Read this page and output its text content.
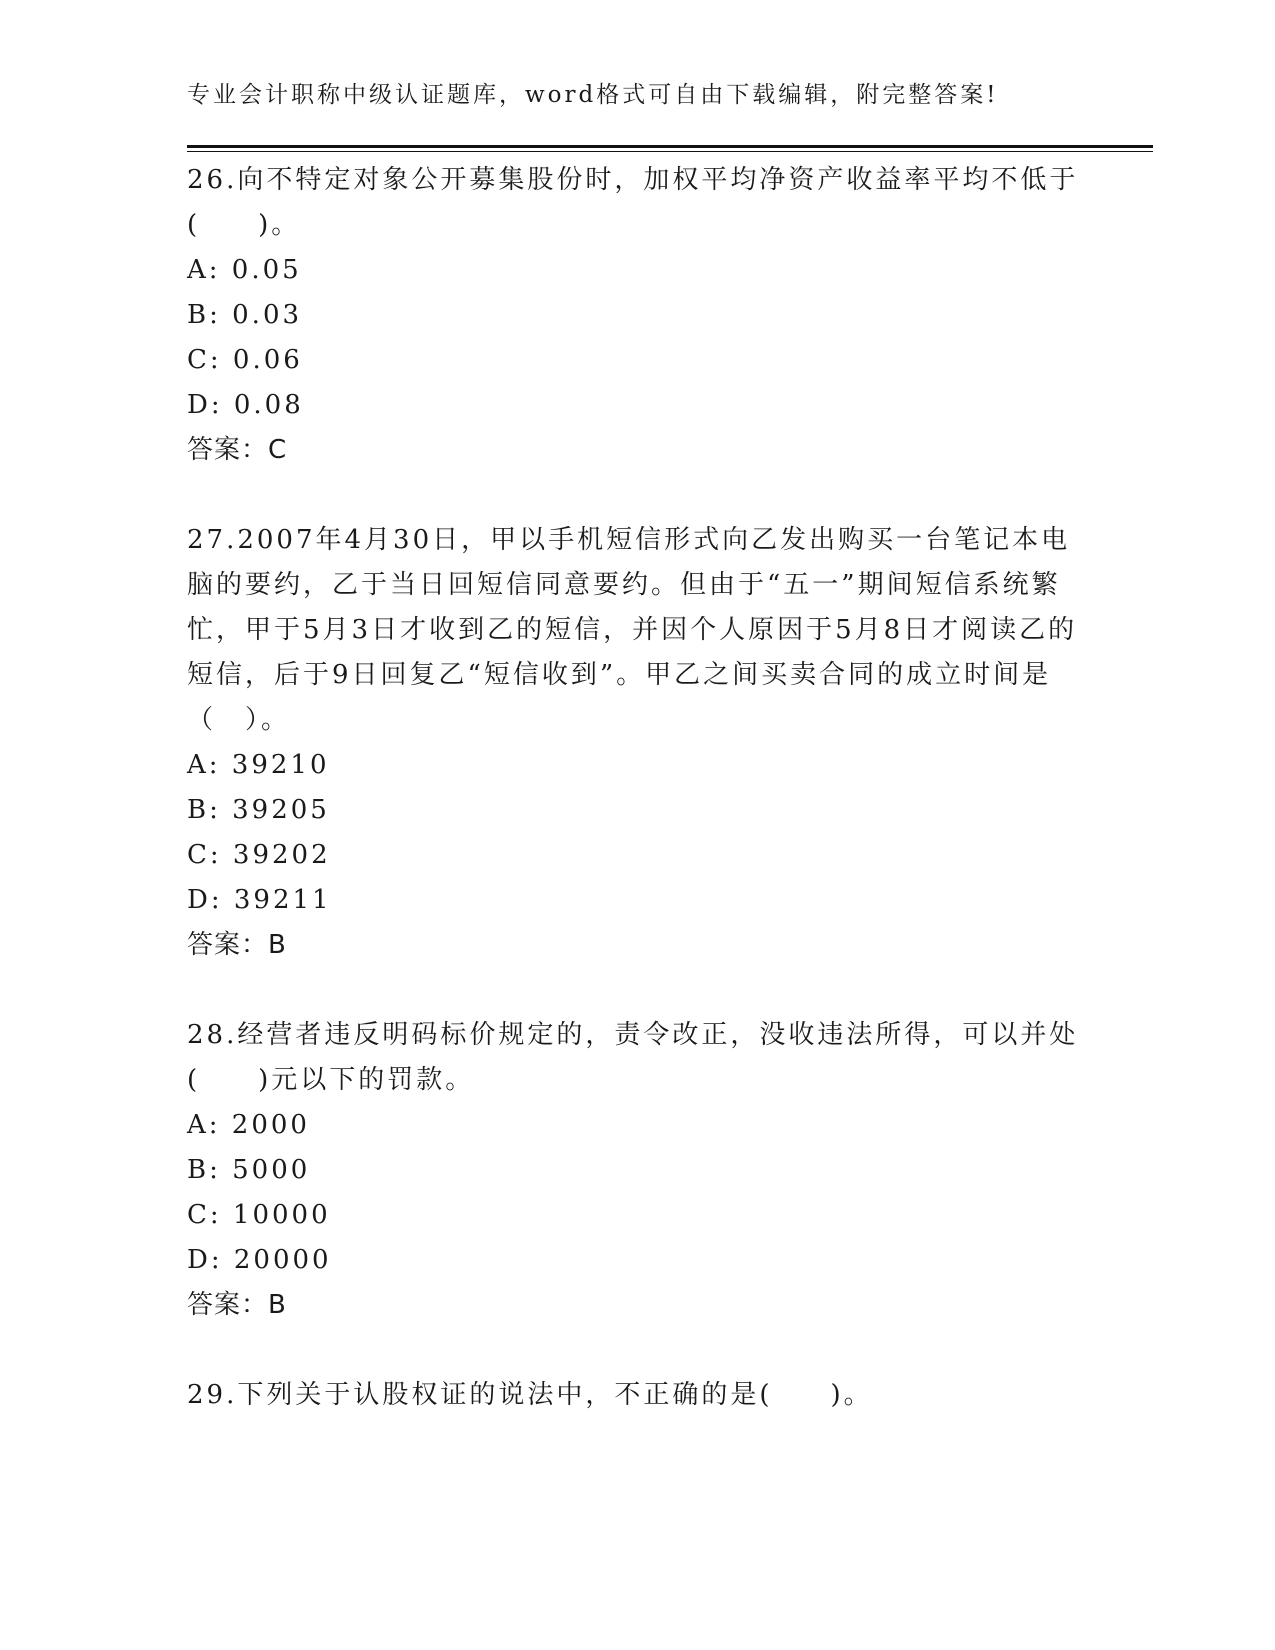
专业会计职称中级认证题库，word格式可自由下载编辑，附完整答案!

26.向不特定对象公开募集股份时，加权平均净资产收益率平均不低于(　　)。

A: 0.05
B: 0.03
C: 0.06
D: 0.08
答案：C

27.2007年4月30日，甲以手机短信形式向乙发出购买一台笔记本电脑的要约，乙于当日回短信同意要约。但由于“五一”期间短信系统繁忙，甲于5月3日才收到乙的短信，并因个人原因于5月8日才阅读乙的短信，后于9日回复乙“短信收到”。甲乙之间买卖合同的成立时间是（　）。

A: 39210
B: 39205
C: 39202
D: 39211
答案：B

28.经营者违反明码标价规定的，责令改正，没收违法所得，可以并处(　　)元以下的罚款。

A: 2000
B: 5000
C: 10000
D: 20000
答案：B

29.下列关于认股权证的说法中，不正确的是(　　)。
